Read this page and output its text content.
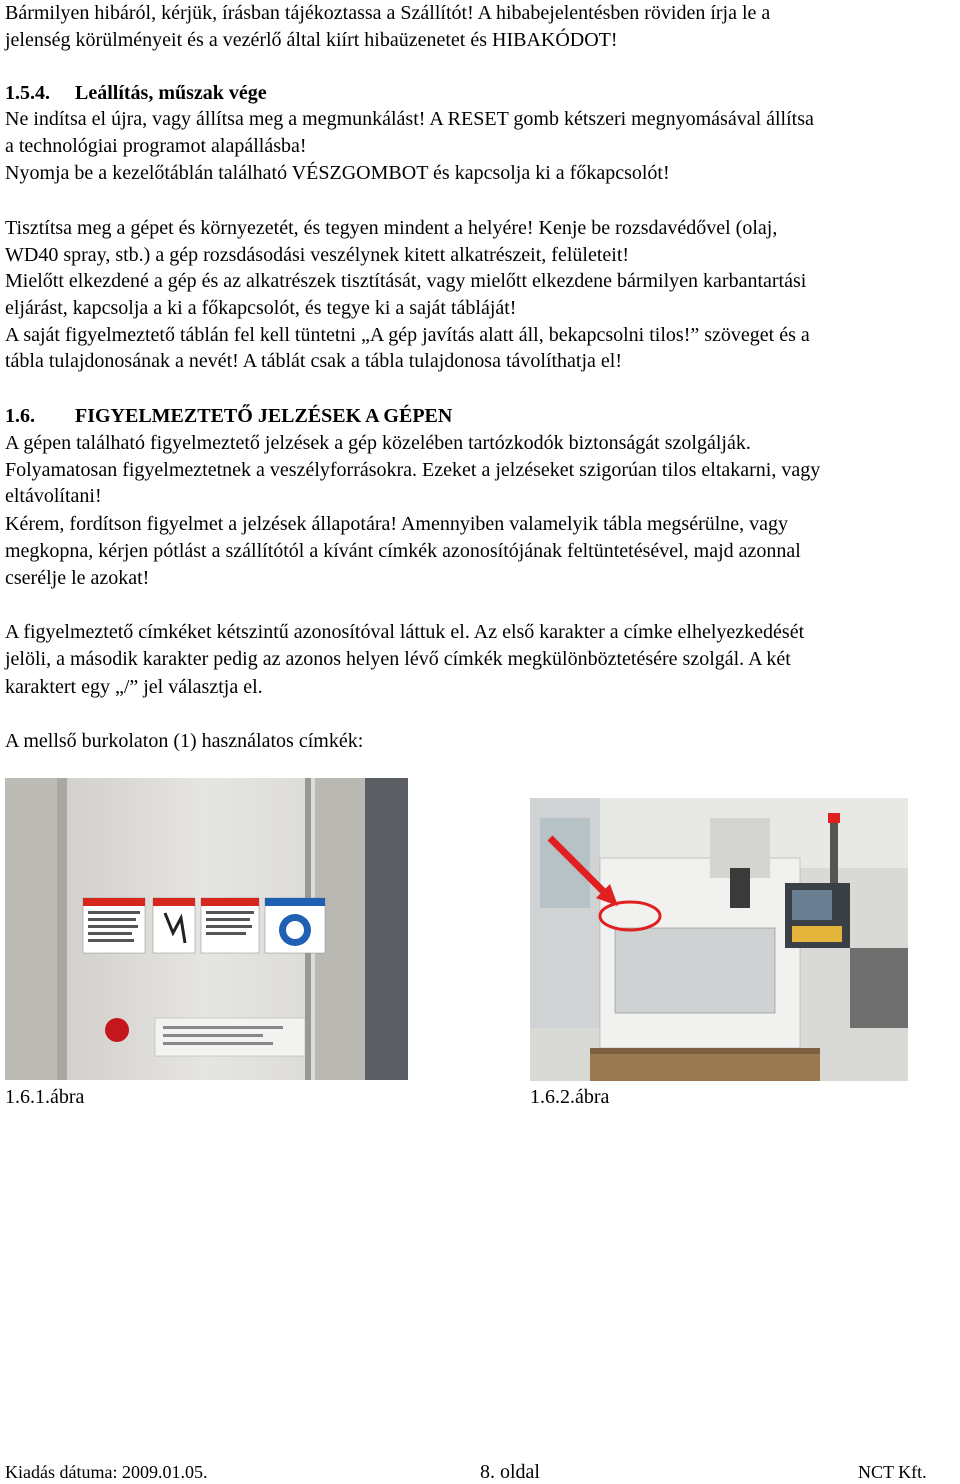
Bármilyen hibáról, kérjük, írásban tájékoztassa a Szállítót! A hibabejelentésben röviden írja le a
jelenség körülményeit és a vezérlő által kiírt hibaüzenetet és HIBAKÓDOT!
1.5.4. Leállítás, műszak vége
Ne indítsa el újra, vagy állítsa meg a megmunkálást! A RESET gomb kétszeri megnyomásával állítsa
a technológiai programot alapállásba!
Nyomja be a kezelőtáblán található VÉSZGOMBOT és kapcsolja ki a főkapcsolót!
Tisztítsa meg a gépet és környezetét, és tegyen mindent a helyére! Kenje be rozsdavédővel (olaj,
WD40 spray, stb.) a gép rozsdásodási veszélynek kitett alkatrészeit, felületeit!
Mielőtt elkezdené a gép és az alkatrészek tisztítását, vagy mielőtt elkezdene bármilyen karbantartási
eljárást, kapcsolja a ki a főkapcsolót, és tegye ki a saját tábláját!
A saját figyelmeztető táblán fel kell tüntetni „A gép javítás alatt áll, bekapcsolni tilos!” szöveget és a
tábla tulajdonosának a nevét! A táblát csak a tábla tulajdonosa távolíthatja el!
1.6. FIGYELMEZTETŐ JELZÉSEK A GÉPEN
A gépen található figyelmeztető jelzések a gép közelében tartózkodók biztonságát szolgálják.
Folyamatosan figyelmeztetnek a veszélyforrásokra. Ezeket a jelzéseket szigorúan tilos eltakarni, vagy
eltávolítani!
Kérem, fordítson figyelmet a jelzések állapotára! Amennyiben valamelyik tábla megsérülne, vagy
megkopna, kérjen pótlást a szállítótól a kívánt címkék azonosítójának feltüntetésével, majd azonnal
cserélje le azokat!
A figyelmeztető címkéket kétszintű azonosítóval láttuk el. Az első karakter a címke elhelyezkedését
jelöli, a második karakter pedig az azonos helyen lévő címkék megkülönböztetésére szolgál. A két
karaktert egy „/” jel választja el.
A mellső burkolaton (1) használatos címkék:
1.6.1.ábra	1.6.2.ábra
Kiadás dátuma: 2009.01.05.	8. oldal	NCT Kft.
